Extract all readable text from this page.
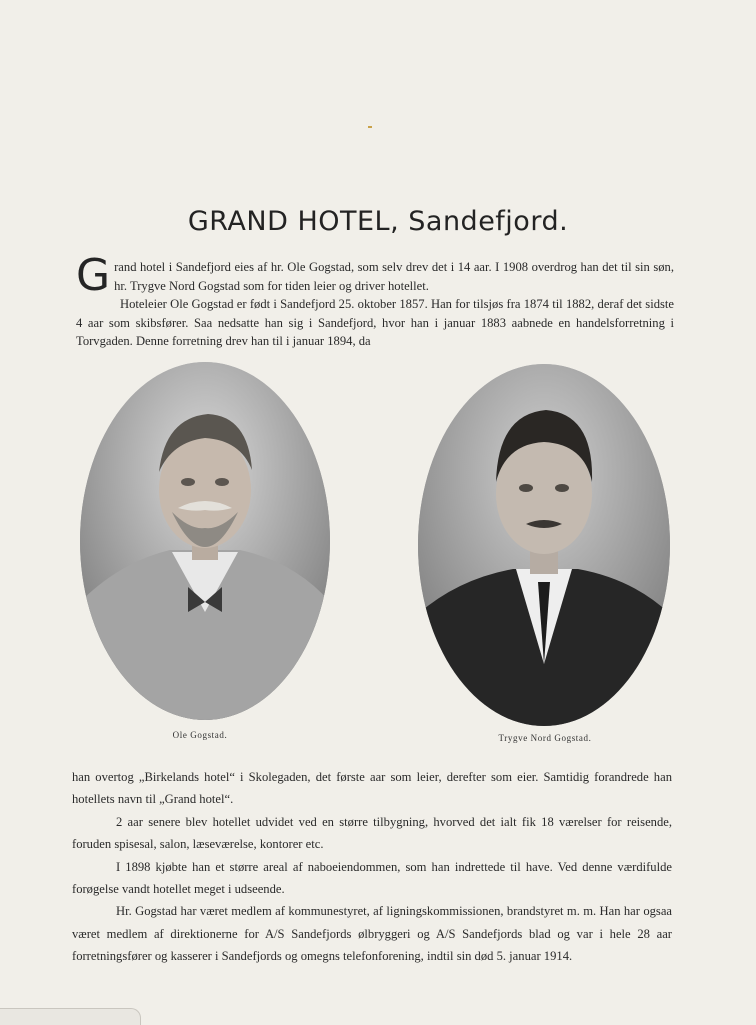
GRAND HOTEL, Sandefjord.
G rand hotel i Sandefjord eies af hr. Ole Gogstad, som selv drev det i 14 aar. I 1908 overdrog han det til sin søn, hr. Trygve Nord Gogstad som for tiden leier og driver hotellet.

Hoteleier Ole Gogstad er født i Sandefjord 25. oktober 1857. Han for tilsjøs fra 1874 til 1882, deraf det sidste 4 aar som skibsfører. Saa nedsatte han sig i Sandefjord, hvor han i januar 1883 aabnede en handelsforretning i Torvgaden. Denne forretning drev han til i januar 1894, da

Ole Gogstad.	Trygve Nord Gogstad.

han overtog „Birkelands hotel“ i Skolegaden, det første aar som leier, derefter som eier. Samtidig forandrede han hotellets navn til „Grand hotel“.

2 aar senere blev hotellet udvidet ved en større tilbygning, hvorved det ialt fik 18 værelser for reisende, foruden spisesal, salon, læseværelse, kontorer etc.

I 1898 kjøbte han et større areal af naboeiendommen, som han indrettede til have. Ved denne værdifulde forøgelse vandt hotellet meget i udseende.

Hr. Gogstad har været medlem af kommunestyret, af ligningskommissionen, brandstyret m. m. Han har ogsaa været medlem af direktionerne for A/S Sandefjords ølbryggeri og A/S Sandefjords blad og var i hele 28 aar forretningsfører og kasserer i Sandefjords og omegns telefonforening, indtil sin død 5. januar 1914.
